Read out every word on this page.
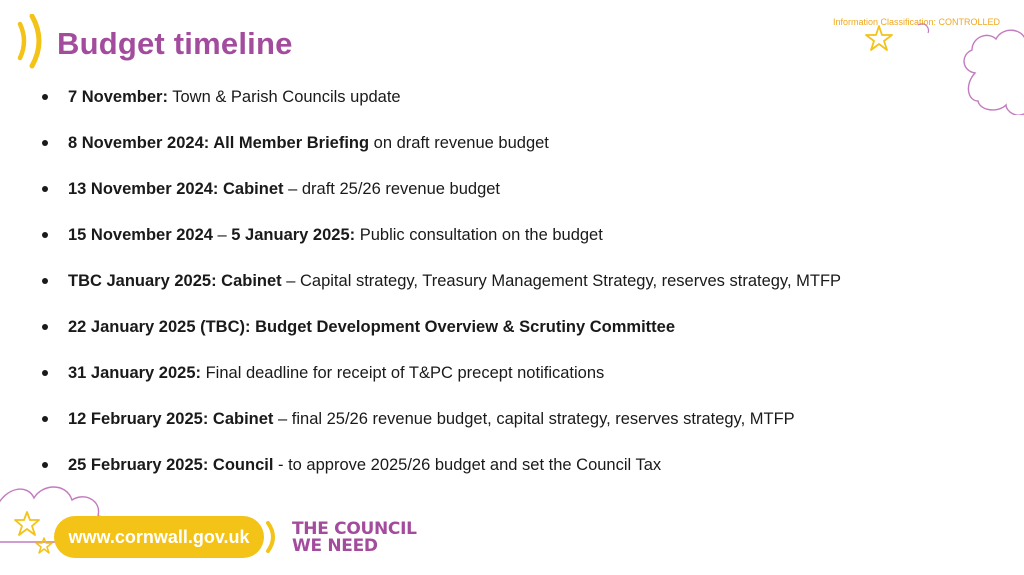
Information Classification: CONTROLLED
Budget timeline
7 November: Town & Parish Councils update
8 November 2024: All Member Briefing on draft revenue budget
13 November 2024: Cabinet – draft 25/26 revenue budget
15 November 2024 – 5 January 2025: Public consultation on the budget
TBC January 2025: Cabinet – Capital strategy, Treasury Management Strategy, reserves strategy, MTFP
22 January 2025 (TBC): Budget Development Overview & Scrutiny Committee
31 January 2025: Final deadline for receipt of T&PC precept notifications
12 February 2025: Cabinet – final 25/26 revenue budget, capital strategy, reserves strategy, MTFP
25 February 2025: Council - to approve 2025/26 budget and set the Council Tax
www.cornwall.gov.uk	THE COUNCIL
WE NEED
